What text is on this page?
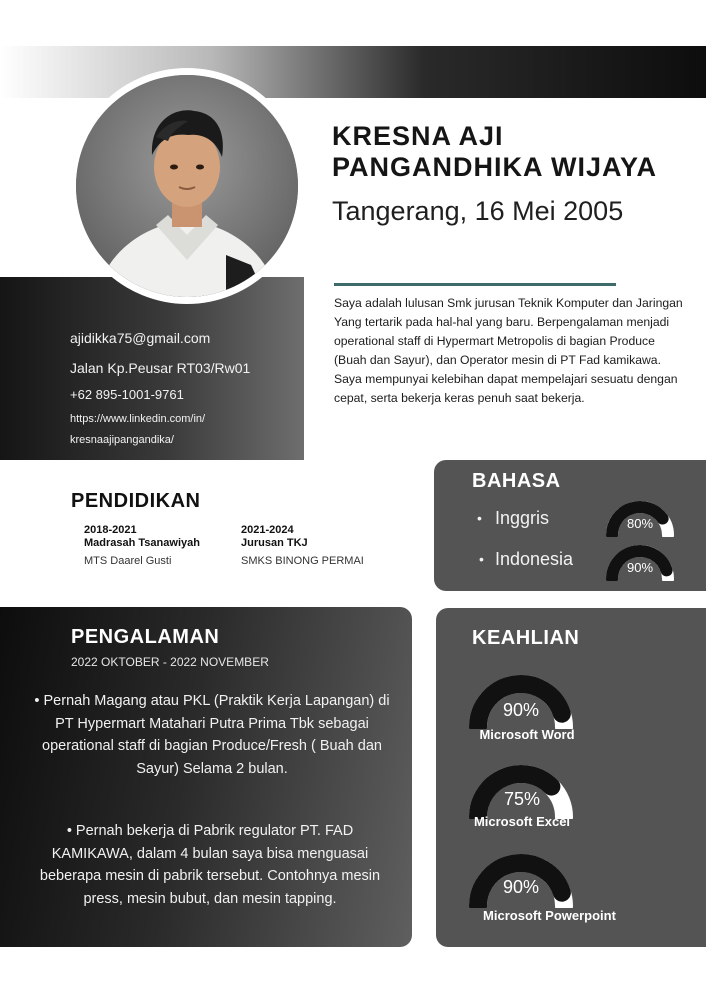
ajidikka75@gmail.com
Jalan Kp.Peusar RT03/Rw01
+62 895-1001-9761
https://www.linkedin.com/in/
kresnaajipangandika/
KRESNA AJI
PANGANDHIKA WIJAYA
Tangerang, 16 Mei 2005
Saya adalah lulusan Smk jurusan Teknik Komputer dan Jaringan Yang tertarik pada hal-hal yang baru. Berpengalaman menjadi operational staff di Hypermart Metropolis di bagian Produce (Buah dan Sayur), dan Operator mesin di PT Fad kamikawa. Saya mempunyai kelebihan dapat mempelajari sesuatu dengan cepat, serta bekerja keras penuh saat bekerja.
PENDIDIKAN
2018-2021
Madrasah Tsanawiyah
MTS Daarel Gusti
2021-2024
Jurusan TKJ
SMKS BINONG PERMAI
BAHASA
• Inggris
• Indonesia
80%
90%
PENGALAMAN
2022 OKTOBER - 2022 NOVEMBER
• Pernah Magang atau PKL (Praktik Kerja Lapangan) di PT Hypermart Matahari Putra Prima Tbk sebagai operational staff di bagian Produce/Fresh ( Buah dan Sayur) Selama 2 bulan.
• Pernah bekerja di Pabrik regulator PT. FAD KAMIKAWA, dalam 4 bulan saya bisa menguasai beberapa mesin di pabrik tersebut. Contohnya mesin press, mesin bubut, dan mesin tapping.
KEAHLIAN
90%
Microsoft Word
75%
Microsoft Excel
90%
Microsoft Powerpoint
